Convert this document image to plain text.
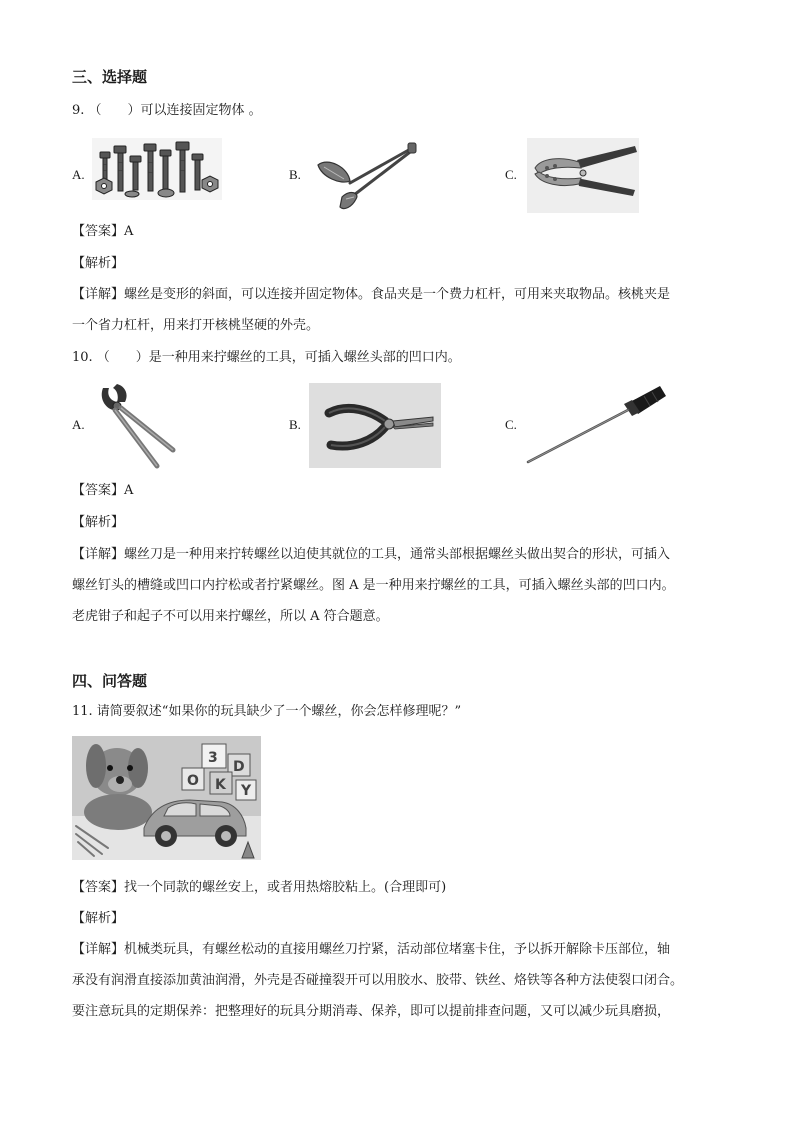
三、选择题
9. （　　）可以连接固定物体 。
A.	B.	C.
【答案】A
【解析】
【详解】螺丝是变形的斜面，可以连接并固定物体。食品夹是一个费力杠杆，可用来夹取物品。核桃夹是
一个省力杠杆，用来打开核桃坚硬的外壳。
10. （　　）是一种用来拧螺丝的工具，可插入螺丝头部的凹口内。
A.	B.	C.
【答案】A
【解析】
【详解】螺丝刀是一种用来拧转螺丝以迫使其就位的工具，通常头部根据螺丝头做出契合的形状，可插入
螺丝钉头的槽缝或凹口内拧松或者拧紧螺丝。图 A 是一种用来拧螺丝的工具，可插入螺丝头部的凹口内。
老虎钳子和起子不可以用来拧螺丝，所以 A 符合题意。
四、问答题
11. 请简要叙述“如果你的玩具缺少了一个螺丝，你会怎样修理呢？”
3
D
O K Y
【答案】找一个同款的螺丝安上，或者用热熔胶粘上。(合理即可)
【解析】
【详解】机械类玩具，有螺丝松动的直接用螺丝刀拧紧，活动部位堵塞卡住，予以拆开解除卡压部位，轴
承没有润滑直接添加黄油润滑，外壳是否碰撞裂开可以用胶水、胶带、铁丝、烙铁等各种方法使裂口闭合。
要注意玩具的定期保养：把整理好的玩具分期消毒、保养，即可以提前排查问题，又可以减少玩具磨损，
